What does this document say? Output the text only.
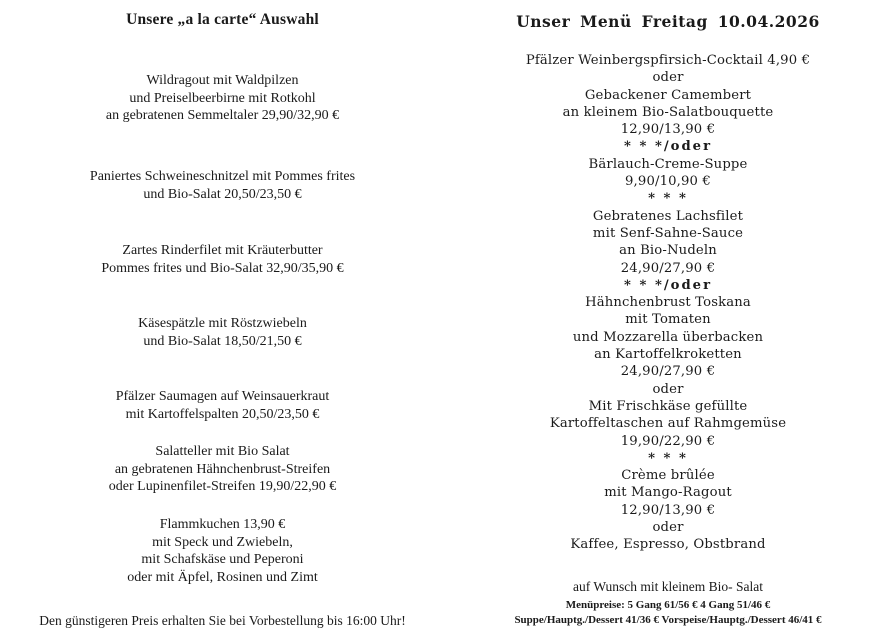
Unsere „a la carte“ Auswahl
Wildragout mit Waldpilzen
und Preiselbeerbirne mit Rotkohl
an gebratenen Semmeltaler 29,90/32,90 €
Paniertes Schweineschnitzel mit Pommes frites
und Bio-Salat 20,50/23,50 €
Zartes Rinderfilet mit Kräuterbutter
Pommes frites und Bio-Salat 32,90/35,90 €
Käsespätzle mit Röstzwiebeln
und Bio-Salat 18,50/21,50 €
Pfälzer Saumagen auf Weinsauerkraut
mit Kartoffelspalten 20,50/23,50 €
Salatteller mit Bio Salat
an gebratenen Hähnchenbrust-Streifen
oder Lupinenfilet-Streifen 19,90/22,90 €
Flammkuchen 13,90 €
mit Speck und Zwiebeln,
mit Schafskäse und Peperoni
oder mit Äpfel, Rosinen und Zimt
Den günstigeren Preis erhalten Sie bei Vorbestellung bis 16:00 Uhr!
Unser Menü Freitag 10.04.2026
Pfälzer Weinbergspfirsich-Cocktail 4,90 €
oder
Gebackener Camembert
an kleinem Bio-Salatbouquette
12,90/13,90 €
* * */oder
Bärlauch-Creme-Suppe
9,90/10,90 €
* * *
Gebratenes Lachsfilet
mit Senf-Sahne-Sauce
an Bio-Nudeln
24,90/27,90 €
* * */oder
Hähnchenbrust Toskana
mit Tomaten
und Mozzarella überbacken
an Kartoffelkroketten
24,90/27,90 €
oder
Mit Frischkäse gefüllte
Kartoffeltaschen auf Rahmgemüse
19,90/22,90 €
* * *
Crème brûlée
mit Mango-Ragout
12,90/13,90 €
oder
Kaffee, Espresso, Obstbrand
auf Wunsch mit kleinem Bio- Salat
Menüpreise: 5 Gang 61/56 € 4 Gang 51/46 €
Suppe/Hauptg./Dessert 41/36 € Vorspeise/Hauptg./Dessert 46/41 €
